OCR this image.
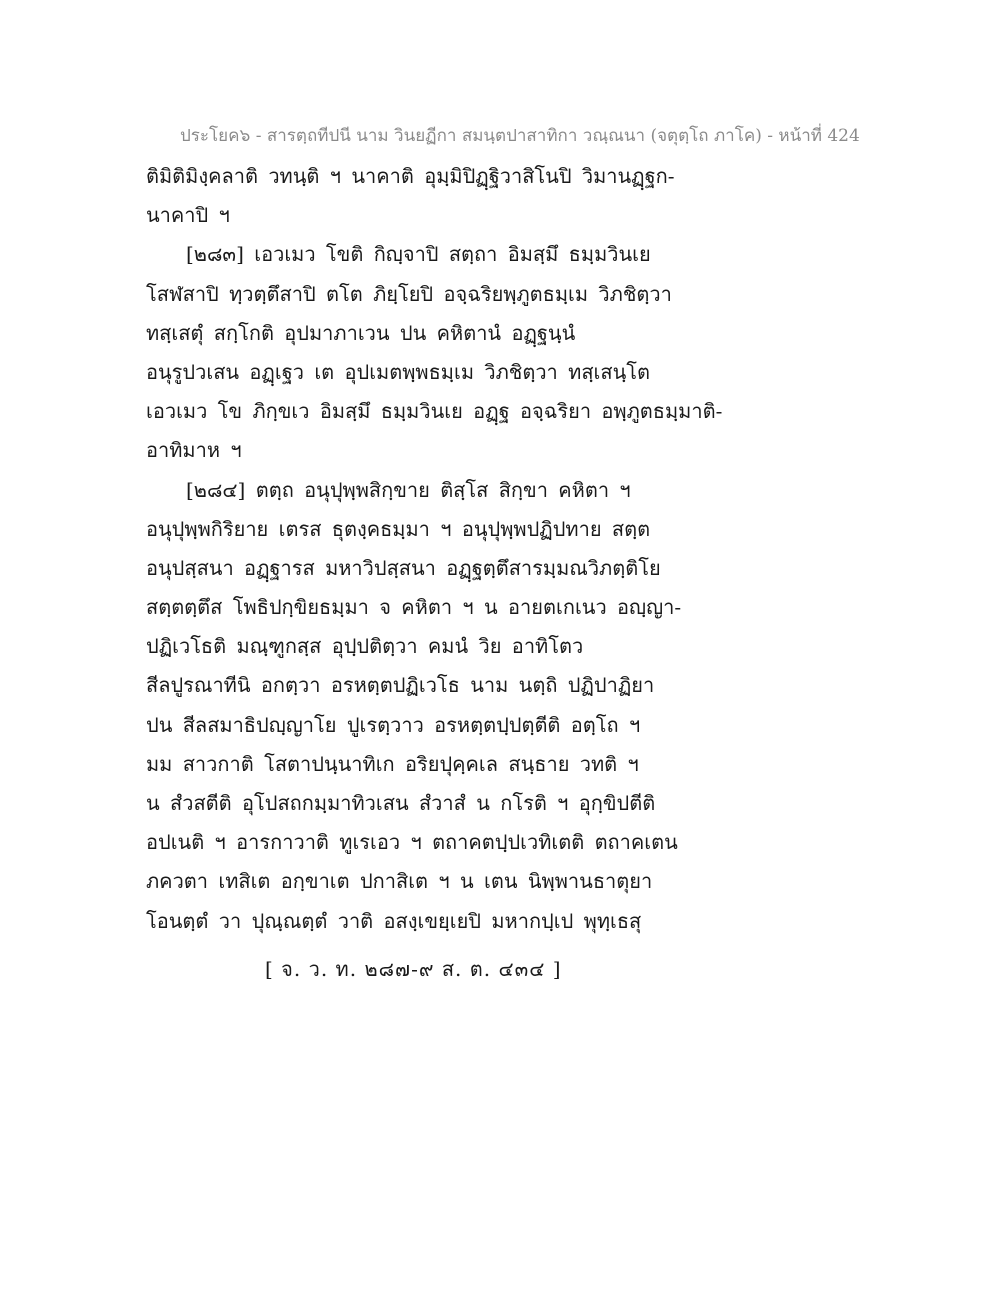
ประโยค๖ - สารตฺถทีปนี นาม วินยฏีกา สมนฺตปาสาทิกา วณฺณนา (จตุตฺโถ ภาโค) - หน้าที่ 424
ติมิติมิงฺคลาติ วทนฺติ ฯ นาคาติ อุมฺมิปิฏฺฐิวาสิโนปิ วิมานฏฺฐก-
นาคาปิ ฯ
[๒๘๓] เอวเมว โขติ กิญฺจาปิ สตฺถา อิมสฺมึ ธมฺมวินเย
โสฬสาปิ ทฺวตฺตึสาปิ ตโต ภิยฺโยปิ อจฺฉริยพฺภูตธมฺเม วิภชิตฺวา
ทสฺเสตุํ สกฺโกติ อุปมาภาเวน ปน คหิตานํ อฏฺฐนฺนํ
อนุรูปวเสน อฏฺเฐว เต อุปเมตพฺพธมฺเม วิภชิตฺวา ทสฺเสนฺโต
เอวเมว โข ภิกฺขเว อิมสฺมึ ธมฺมวินเย อฏฺฐ อจฺฉริยา อพฺภูตธมฺมาติ-
อาทิมาห ฯ
[๒๘๔] ตตฺถ อนุปุพฺพสิกฺขาย ติสฺโส สิกฺขา คหิตา ฯ
อนุปุพฺพกิริยาย เตรส ธุตงฺคธมฺมา ฯ อนุปุพฺพปฏิปทาย สตฺต
อนุปสฺสนา อฏฺฐารส มหาวิปสฺสนา อฏฺฐตฺตึสารมฺมณวิภตฺติโย
สตฺตตฺตึส โพธิปกฺขิยธมฺมา จ คหิตา ฯ น อายตเกเนว อญฺญา-
ปฏิเวโธติ มณฺฑูกสฺส อุปฺปติตฺวา คมนํ วิย อาทิโตว
สีลปูรณาทีนิ อกตฺวา อรหตฺตปฏิเวโธ นาม นตฺถิ ปฏิปาฏิยา
ปน สีลสมาธิปญฺญาโย ปูเรตฺวาว อรหตฺตปฺปตฺตีติ อตฺโถ ฯ
มม สาวกาติ โสตาปนฺนาทิเก อริยปุคฺคเล สนฺธาย วทติ ฯ
น สํวสตีติ อุโปสถกมฺมาทิวเสน สํวาสํ น กโรติ ฯ อุกฺขิปตีติ
อปเนติ ฯ อารกาวาติ ทูเรเอว ฯ ตถาคตปฺปเวทิเตติ ตถาคเตน
ภควตา เทสิเต อกฺขาเต ปกาสิเต ฯ น เตน นิพฺพานธาตุยา
โอนตฺตํ วา ปุณฺณตฺตํ วาติ อสงฺเขยฺเยปิ มหากปฺเป พุทฺเธสุ
[ จ. ว. ท. ๒๘๗-๙ ส. ต. ๔๓๔ ]
